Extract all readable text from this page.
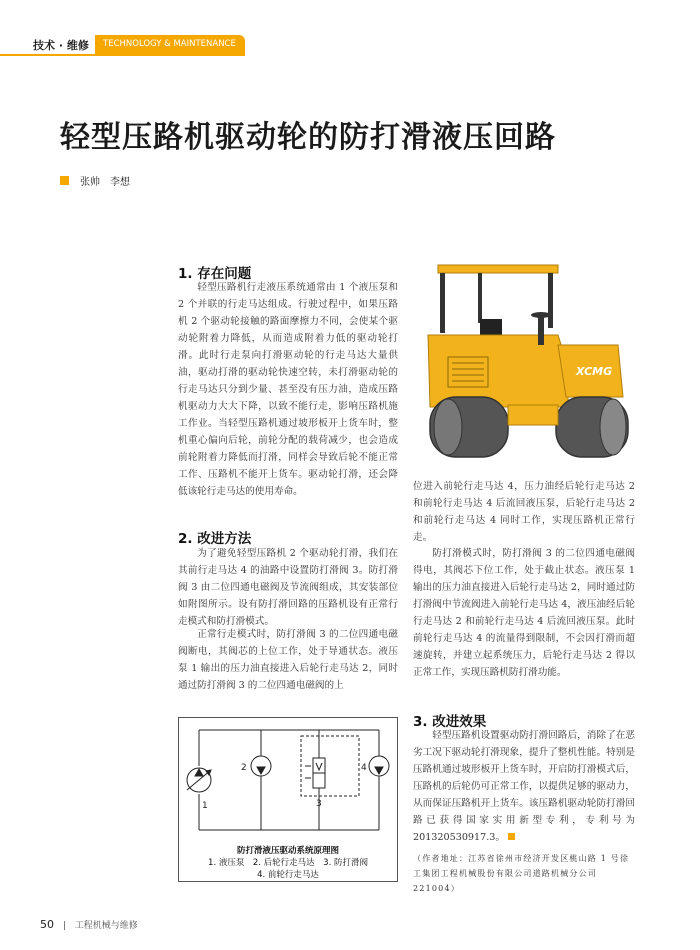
技术 · 维修	TECHNOLOGY & MAINTENANCE
轻型压路机驱动轮的防打滑液压回路
张帅　李想
1. 存在问题

轻型压路机行走液压系统通常由 1 个液压泵和 2 个并联的行走马达组成。行驶过程中，如果压路机 2 个驱动轮接触的路面摩擦力不同，会使某个驱动轮附着力降低，从而造成附着力低的驱动轮打滑。此时行走泵向打滑驱动轮的行走马达大量供油，驱动打滑的驱动轮快速空转，未打滑驱动轮的行走马达只分到少量、甚至没有压力油，造成压路机驱动力大大下降，以致不能行走，影响压路机施工作业。当轻型压路机通过坡形板开上货车时，整机重心偏向后轮，前轮分配的载荷减少，也会造成前轮附着力降低而打滑，同样会导致后轮不能正常工作、压路机不能开上货车。驱动轮打滑，还会降低该轮行走马达的使用寿命。

2. 改进方法

为了避免轻型压路机 2 个驱动轮打滑，我们在其前行走马达 4 的油路中设置防打滑阀 3。防打滑阀 3 由二位四通电磁阀及节流阀组成，其安装部位如附图所示。设有防打滑回路的压路机设有正常行走模式和防打滑模式。

正常行走模式时，防打滑阀 3 的二位四通电磁阀断电，其阀芯的上位工作，处于导通状态。液压泵 1 输出的压力油直接进入后轮行走马达 2，同时通过防打滑阀 3 的二位四通电磁阀的上

XCMG

位进入前轮行走马达 4，压力油经后轮行走马达 2 和前轮行走马达 4 后流回液压泵，后轮行走马达 2 和前轮行走马达 4 同时工作，实现压路机正常行走。

防打滑模式时，防打滑阀 3 的二位四通电磁阀得电，其阀芯下位工作，处于截止状态。液压泵 1 输出的压力油直接进入后轮行走马达 2，同时通过防打滑阀中节流阀进入前轮行走马达 4，液压油经后轮行走马达 2 和前轮行走马达 4 后流回液压泵。此时前轮行走马达 4 的流量得到限制，不会因打滑而超速旋转，并建立起系统压力，后轮行走马达 2 得以正常工作，实现压路机防打滑功能。

3. 改进效果

轻型压路机设置驱动防打滑回路后，消除了在恶劣工况下驱动轮打滑现象，提升了整机性能。特别是压路机通过坡形板开上货车时，开启防打滑模式后，压路机的后轮仍可正常工作，以提供足够的驱动力，从而保证压路机开上货车。该压路机驱动轮防打滑回路已获得国家实用新型专利，专利号为 201320530917.3。

（作者地址：江苏省徐州市经济开发区桃山路 1 号徐工集团工程机械股份有限公司道路机械分公司 221004）

1
2
3
4
防打滑液压驱动系统原理图
1. 液压泵　2. 后轮行走马达　3. 防打滑阀
4. 前轮行走马达
50 | 工程机械与维修
